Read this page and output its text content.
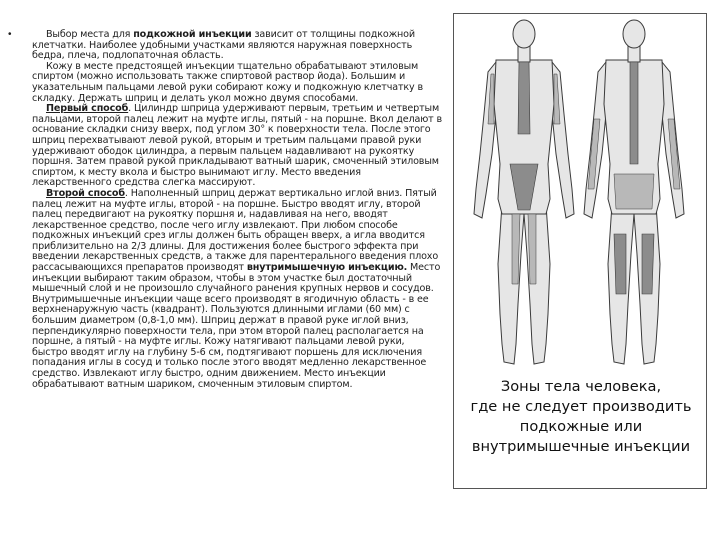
•	Выбор места для подкожной инъекции зависит от толщины подкожной клетчатки. Наиболее удобными участками являются наружная поверхность бедра, плеча, подлопаточная область.

Кожу в месте предстоящей инъекции тщательно обрабатывают этиловым спиртом (можно использовать также спиртовой раствор йода). Большим и указательным пальцами левой руки собирают кожу и подкожную клетчатку в складку. Держать шприц и делать укол можно двумя способами.

Первый способ. Цилиндр шприца удерживают первым, третьим и четвертым пальцами, второй палец лежит на муфте иглы, пятый - на поршне. Вкол делают в основание складки снизу вверх, под углом 30° к поверхности тела. После этого шприц перехватывают левой рукой, вторым и третьим пальцами правой руки удерживают ободок цилиндра, а первым пальцем надавливают на рукоятку поршня. Затем правой рукой прикладывают ватный шарик, смоченный этиловым спиртом, к месту вкола и быстро вынимают иглу. Место введения лекарственного средства слегка массируют.

Второй способ. Наполненный шприц держат вертикально иглой вниз. Пятый палец лежит на муфте иглы, второй - на поршне. Быстро вводят иглу, второй палец передвигают на рукоятку поршня и, надавливая на него, вводят лекарственное средство, после чего иглу извлекают. При любом способе подкожных инъекций срез иглы должен быть обращен вверх, а игла вводится приблизительно на 2/3 длины. Для достижения более быстрого эффекта при введении лекарственных средств, а также для парентерального введения плохо рассасывающихся препаратов производят внутримышечную инъекцию. Место инъекции выбирают таким образом, чтобы в этом участке был достаточный мышечный слой и не произошло случайного ранения крупных нервов и сосудов. Внутримышечные инъекции чаще всего производят в ягодичную область - в ее верхненаружную часть (квадрант). Пользуются длинными иглами (60 мм) с большим диаметром (0,8-1,0 мм). Шприц держат в правой руке иглой вниз, перпендикулярно поверхности тела, при этом второй палец располагается на поршне, а пятый - на муфте иглы. Кожу натягивают пальцами левой руки, быстро вводят иглу на глубину 5-6 см, подтягивают поршень для исключения попадания иглы в сосуд и только после этого вводят медленно лекарственное средство. Извлекают иглу быстро, одним движением. Место инъекции обрабатывают ватным шариком, смоченным этиловым спиртом.	Зоны тела человека,
где не следует производить
подкожные или
внутримышечные инъекции
